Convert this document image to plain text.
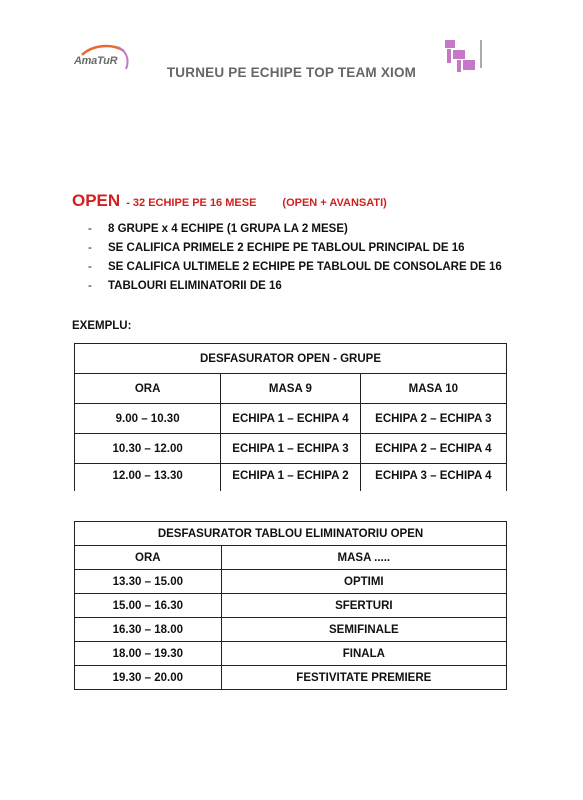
AmaTuR
TURNEU PE ECHIPE TOP TEAM XIOM
OPEN - 32 ECHIPE PE 16 MESE (OPEN + AVANSATI)
- 8 GRUPE x 4 ECHIPE (1 GRUPA LA 2 MESE)
- SE CALIFICA PRIMELE 2 ECHIPE PE TABLOUL PRINCIPAL DE 16
- SE CALIFICA ULTIMELE 2 ECHIPE PE TABLOUL DE CONSOLARE DE 16
- TABLOURI ELIMINATORII DE 16
EXEMPLU:
DESFASURATOR OPEN - GRUPE		
ORA	MASA 9	MASA 10
9.00 – 10.30	ECHIPA 1 – ECHIPA 4	ECHIPA 2 – ECHIPA 3
10.30 – 12.00	ECHIPA 1 – ECHIPA 3	ECHIPA 2 – ECHIPA 4
12.00 – 13.30	ECHIPA 1 – ECHIPA 2	ECHIPA 3 – ECHIPA 4
DESFASURATOR TABLOU ELIMINATORIU OPEN	
ORA	MASA .....
13.30 – 15.00	OPTIMI
15.00 – 16.30	SFERTURI
16.30 – 18.00	SEMIFINALE
18.00 – 19.30	FINALA
19.30 – 20.00	FESTIVITATE PREMIERE
